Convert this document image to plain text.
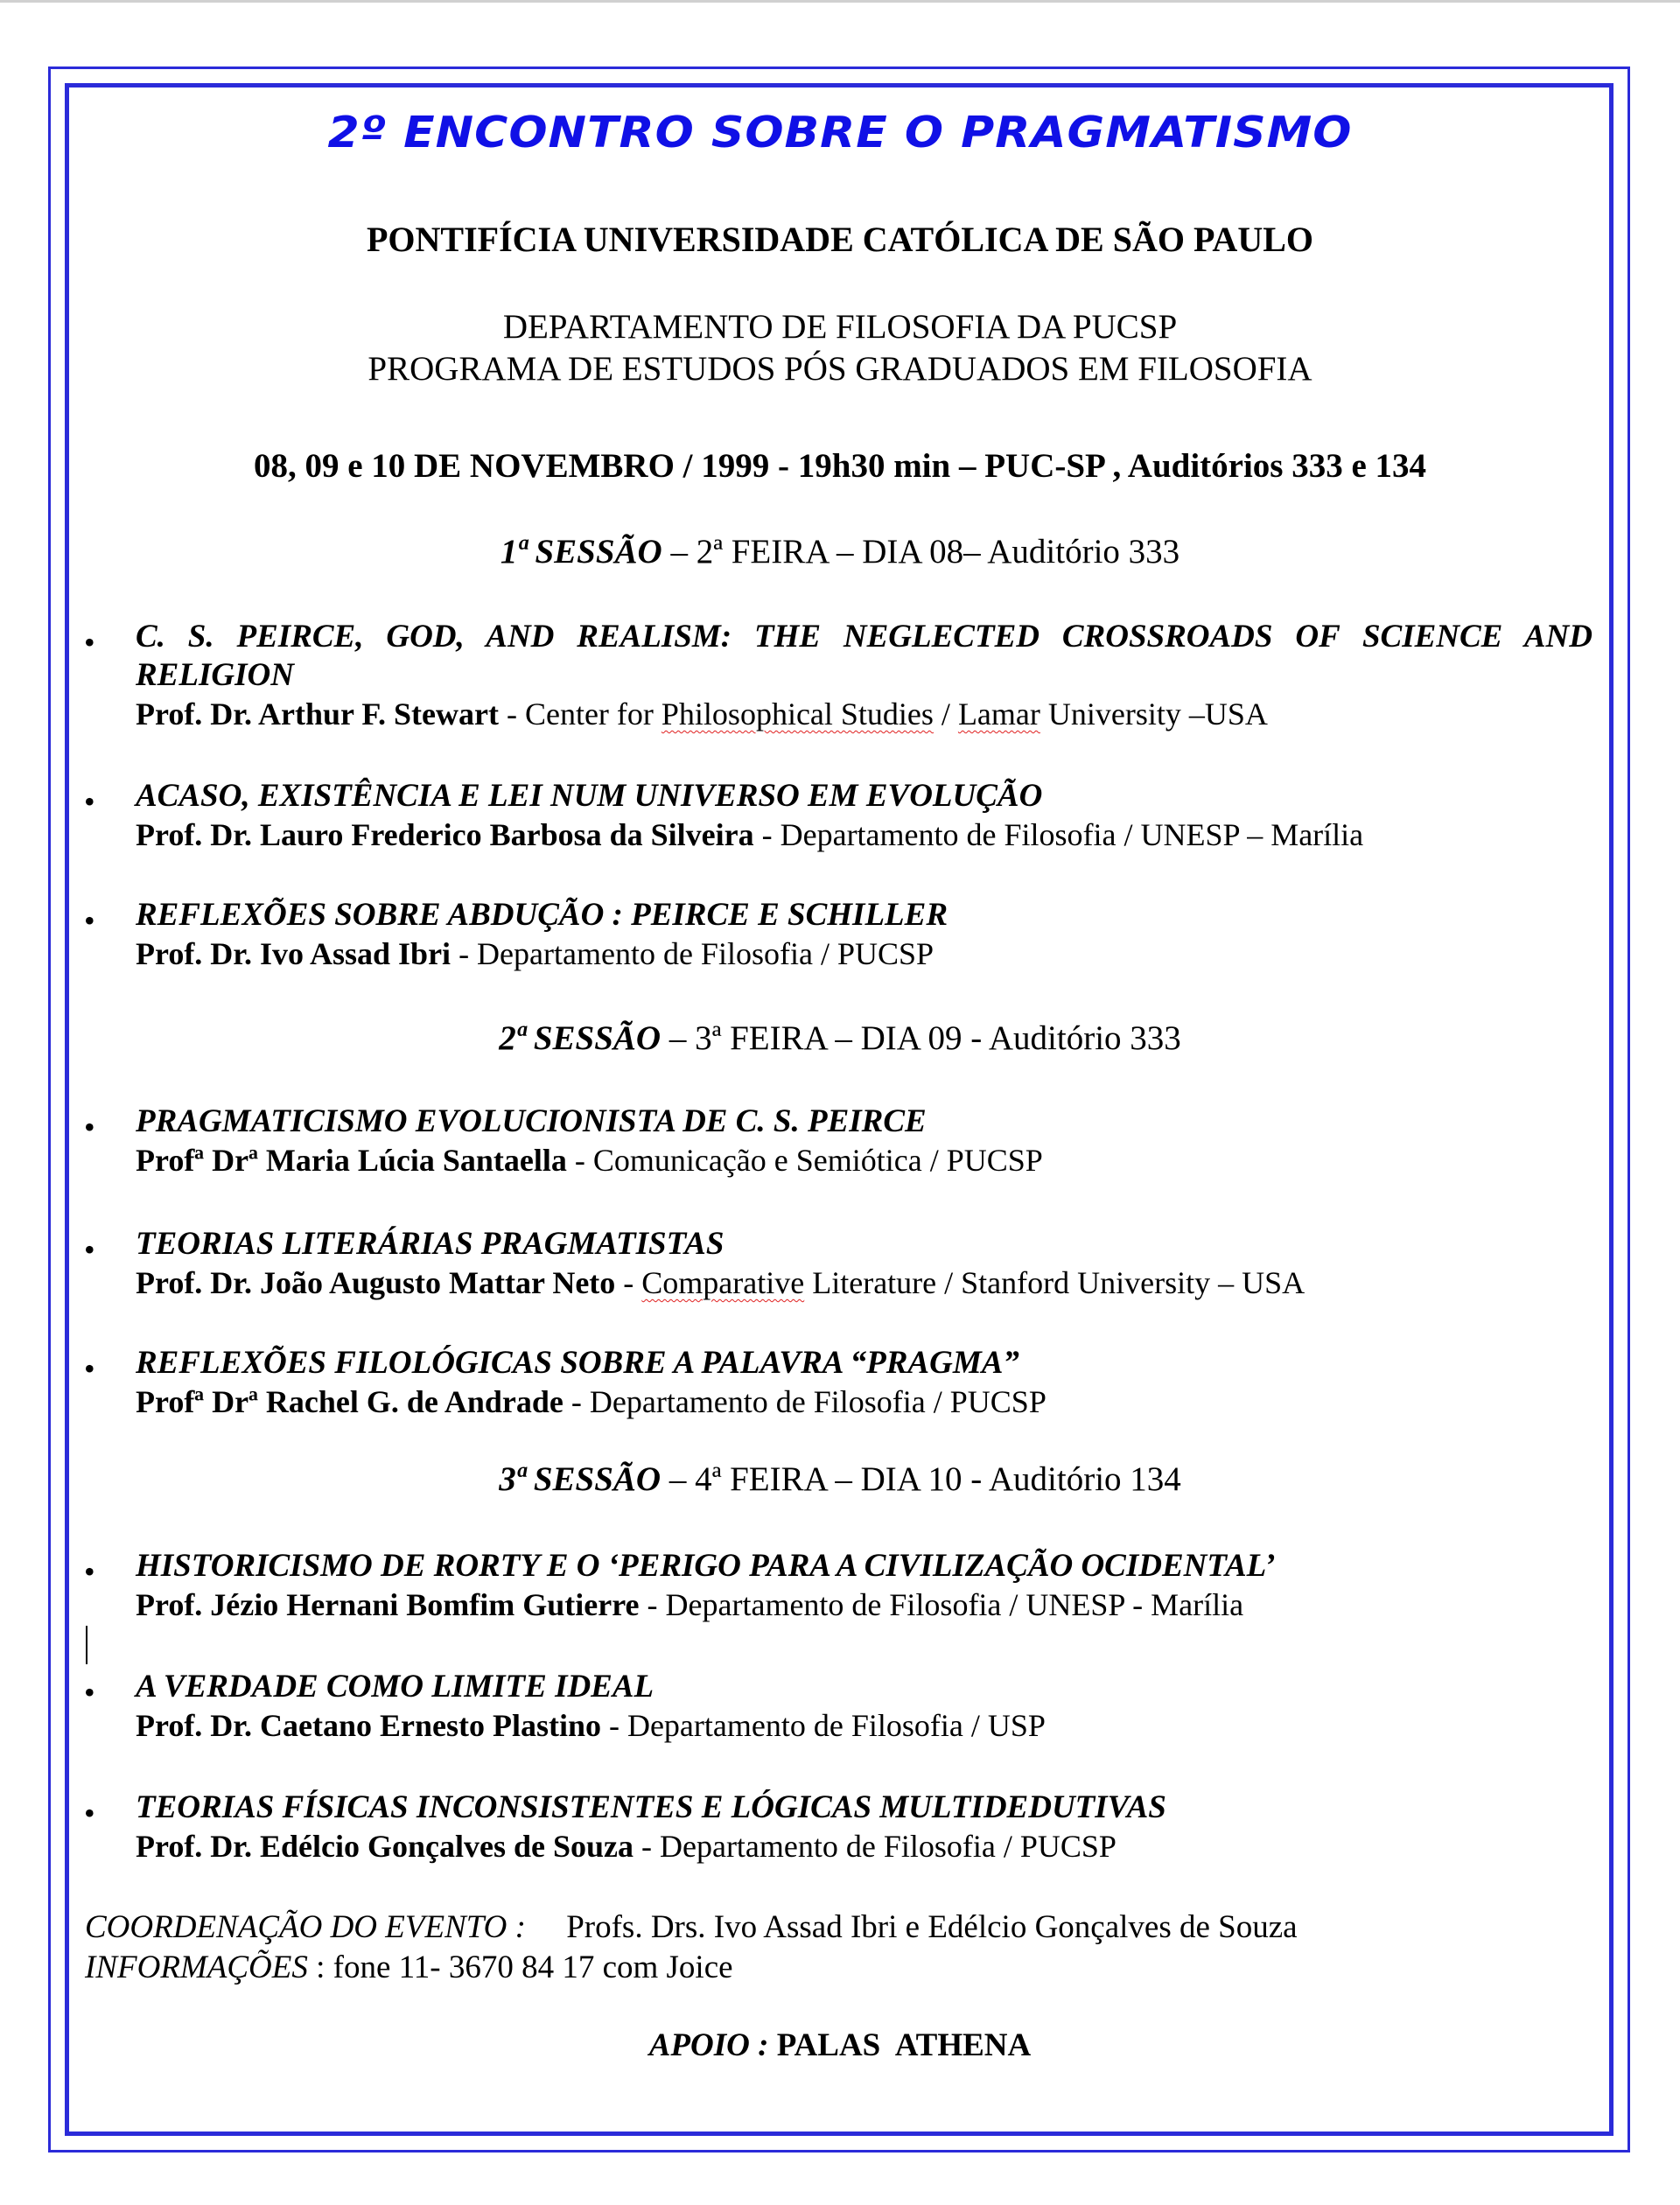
2º ENCONTRO SOBRE O PRAGMATISMO
PONTIFÍCIA UNIVERSIDADE CATÓLICA DE SÃO PAULO
DEPARTAMENTO DE FILOSOFIA DA PUCSP
PROGRAMA DE ESTUDOS PÓS GRADUADOS EM FILOSOFIA
08, 09 e 10 DE NOVEMBRO / 1999 - 19h30 min – PUC-SP , Auditórios 333 e 134
1ª SESSÃO – 2ª FEIRA – DIA 08– Auditório 333
• C. S. PEIRCE, GOD, AND REALISM: THE NEGLECTED CROSSROADS OF SCIENCE AND RELIGION
Prof. Dr. Arthur F. Stewart - Center for Philosophical Studies / Lamar University –USA
• ACASO, EXISTÊNCIA E LEI NUM UNIVERSO EM EVOLUÇÃO
Prof. Dr. Lauro Frederico Barbosa da Silveira - Departamento de Filosofia / UNESP – Marília
• REFLEXÕES SOBRE ABDUÇÃO : PEIRCE E SCHILLER
Prof. Dr. Ivo Assad Ibri - Departamento de Filosofia / PUCSP
2ª SESSÃO – 3ª FEIRA – DIA 09 - Auditório 333
• PRAGMATICISMO EVOLUCIONISTA DE C. S. PEIRCE
Profª Drª Maria Lúcia Santaella - Comunicação e Semiótica / PUCSP
• TEORIAS LITERÁRIAS PRAGMATISTAS
Prof. Dr. João Augusto Mattar Neto - Comparative Literature / Stanford University – USA
• REFLEXÕES FILOLÓGICAS SOBRE A PALAVRA “PRAGMA”
Profª Drª Rachel G. de Andrade - Departamento de Filosofia / PUCSP
3ª SESSÃO – 4ª FEIRA – DIA 10 - Auditório 134
• HISTORICISMO DE RORTY E O ‘PERIGO PARA A CIVILIZAÇÃO OCIDENTAL’
Prof. Jézio Hernani Bomfim Gutierre - Departamento de Filosofia / UNESP - Marília
• A VERDADE COMO LIMITE IDEAL
Prof. Dr. Caetano Ernesto Plastino - Departamento de Filosofia / USP
• TEORIAS FÍSICAS INCONSISTENTES E LÓGICAS MULTIDEDUTIVAS
Prof. Dr. Edélcio Gonçalves de Souza - Departamento de Filosofia / PUCSP
COORDENAÇÃO DO EVENTO :     Profs. Drs. Ivo Assad Ibri e Edélcio Gonçalves de Souza
INFORMAÇÕES : fone 11- 3670 84 17 com Joice
APOIO : PALAS  ATHENA
